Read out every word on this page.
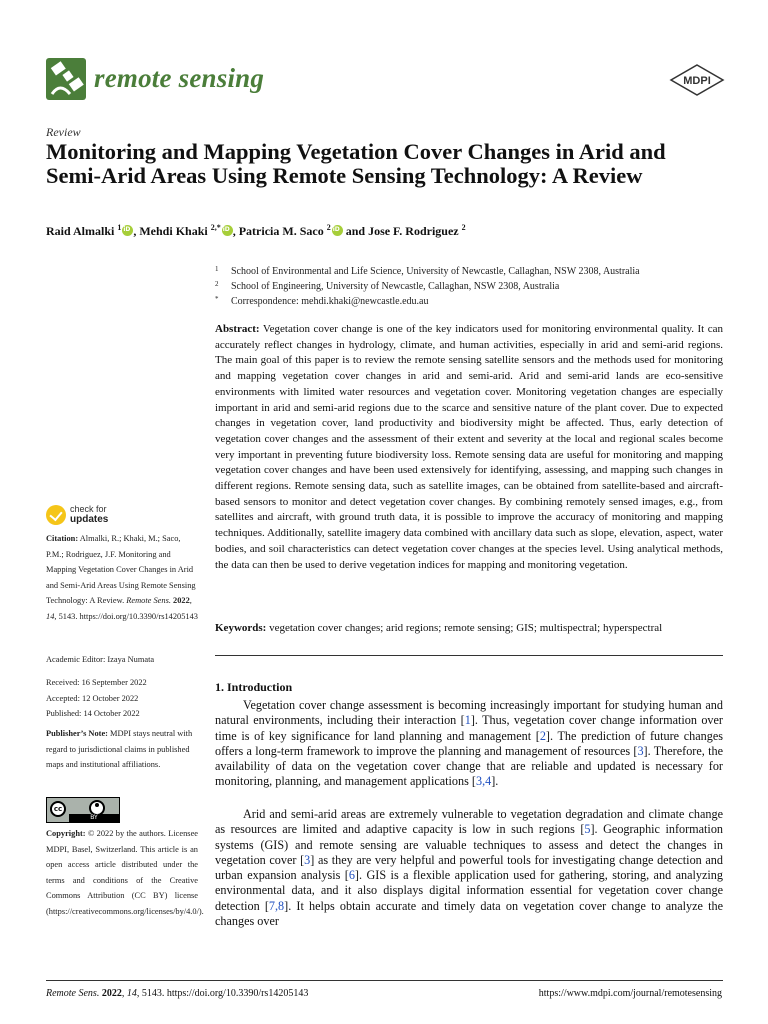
remote sensing	MDPI
Review
Monitoring and Mapping Vegetation Cover Changes in Arid and Semi-Arid Areas Using Remote Sensing Technology: A Review
Raid Almalki $^1$ iD , Mehdi Khaki $^{2,*}$ iD , Patricia M. Saco $^2$iD and Jose F. Rodriguez $^2$
1 School of Environmental and Life Science, University of Newcastle, Callaghan, NSW 2308, Australia
2 School of Engineering, University of Newcastle, Callaghan, NSW 2308, Australia
* Correspondence: mehdi.khaki@newcastle.edu.au
Abstract: Vegetation cover change is one of the key indicators used for monitoring environmental quality. It can accurately reflect changes in hydrology, climate, and human activities, especially in arid and semi-arid regions. The main goal of this paper is to review the remote sensing satellite sensors and the methods used for monitoring and mapping vegetation cover changes in arid and semi-arid. Arid and semi-arid lands are eco-sensitive environments with limited water resources and vegetation cover. Monitoring vegetation changes are especially important in arid and semi-arid regions due to the scarce and sensitive nature of the plant cover. Due to expected changes in vegetation cover, land productivity and biodiversity might be affected. Thus, early detection of vegetation cover changes and the assessment of their extent and severity at the local and regional scales become very important in preventing future biodiversity loss. Remote sensing data are useful for monitoring and mapping vegetation cover changes and have been used extensively for identifying, assessing, and mapping such changes in different regions. Remote sensing data, such as satellite images, can be obtained from satellite-based and aircraft-based sensors to monitor and detect vegetation cover changes. By combining remotely sensed images, e.g., from satellites and aircraft, with ground truth data, it is possible to improve the accuracy of monitoring and mapping techniques. Additionally, satellite imagery data combined with ancillary data such as slope, elevation, aspect, water bodies, and soil characteristics can detect vegetation cover changes at the species level. Using analytical methods, the data can then be used to derive vegetation indices for mapping and monitoring vegetation.
Keywords: vegetation cover changes; arid regions; remote sensing; GIS; multispectral; hyperspectral
check for
updates
Citation: Almalki, R.; Khaki, M.; Saco, P.M.; Rodriguez, J.F. Monitoring and Mapping Vegetation Cover Changes in Arid and Semi-Arid Areas Using Remote Sensing Technology: A Review. Remote Sens. 2022, 14, 5143. https://doi.org/10.3390/rs14205143
Academic Editor: Izaya Numata
Received: 16 September 2022
Accepted: 12 October 2022
Published: 14 October 2022
Publisher’s Note: MDPI stays neutral with regard to jurisdictional claims in published maps and institutional affiliations.
cc
BY
Copyright: © 2022 by the authors. Licensee MDPI, Basel, Switzerland. This article is an open access article distributed under the terms and conditions of the Creative Commons Attribution (CC BY) license (https://creativecommons.org/licenses/by/4.0/).
1. Introduction
Vegetation cover change assessment is becoming increasingly important for studying human and natural environments, including their interaction [1]. Thus, vegetation cover change information over time is of key significance for land planning and management [2]. The prediction of future changes offers a long-term framework to improve the planning and management of resources [3]. Therefore, the availability of data on the vegetation cover change that are reliable and updated is necessary for monitoring, planning, and management applications [3,4].
Arid and semi-arid areas are extremely vulnerable to vegetation degradation and climate change as resources are limited and adaptive capacity is low in such regions [5]. Geographic information systems (GIS) and remote sensing are valuable techniques to assess and detect the changes in vegetation cover [3] as they are very helpful and powerful tools for investigating change detection and urban expansion analysis [6]. GIS is a flexible application used for gathering, storing, and analyzing environmental data, and it also displays digital information essential for vegetation cover change detection [7,8]. It helps obtain accurate and timely data on vegetation cover change to analyze the changes over
Remote Sens. 2022, 14, 5143. https://doi.org/10.3390/rs14205143	https://www.mdpi.com/journal/remotesensing
